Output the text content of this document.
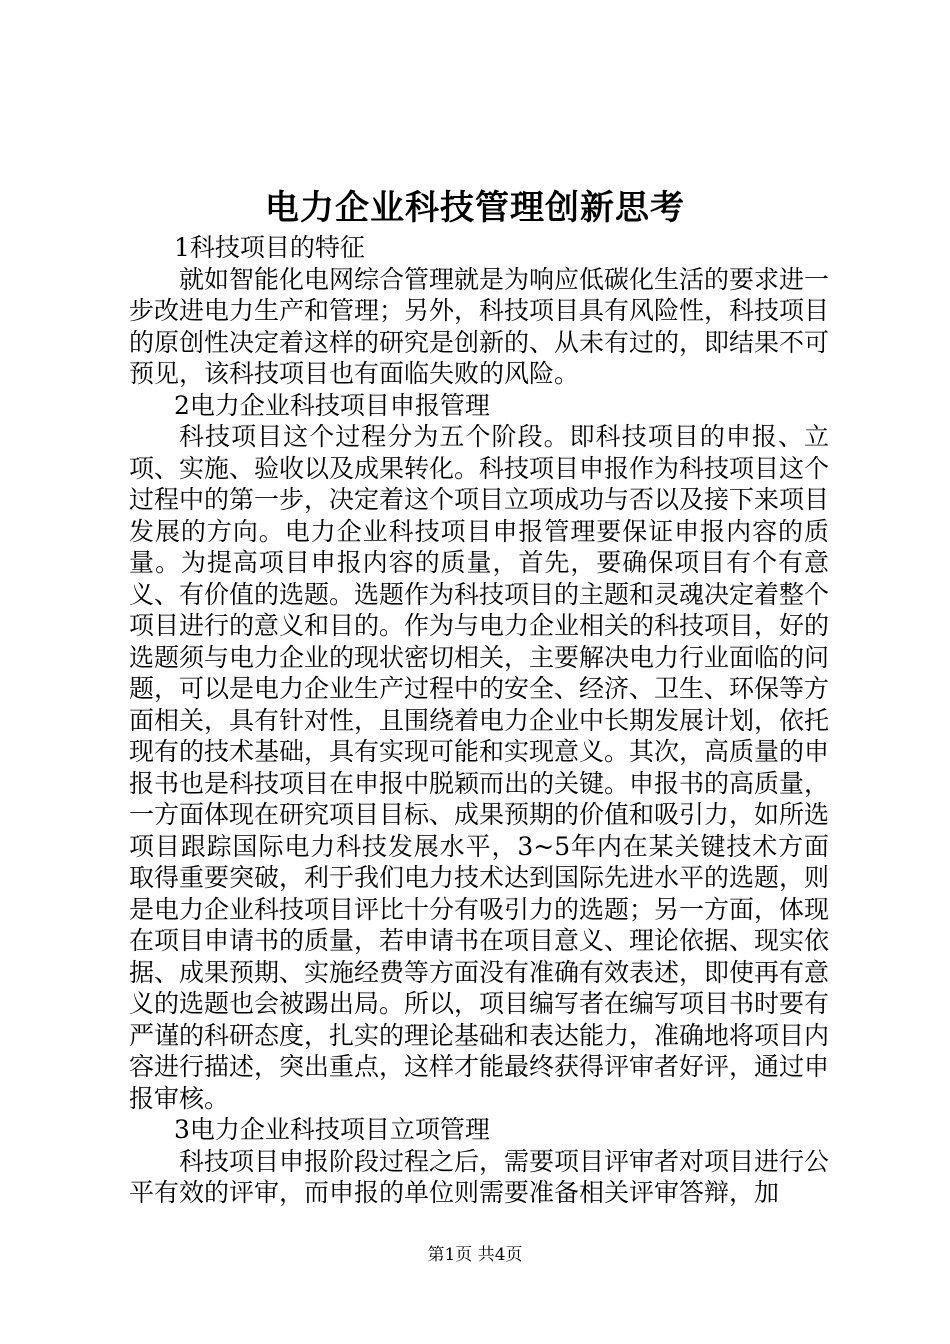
电力企业科技管理创新思考

1科技项目的特征

就如智能化电网综合管理就是为响应低碳化生活的要求进一步改进电力生产和管理；另外，科技项目具有风险性，科技项目的原创性决定着这样的研究是创新的、从未有过的，即结果不可预见，该科技项目也有面临失败的风险。

2电力企业科技项目申报管理

科技项目这个过程分为五个阶段。即科技项目的申报、立项、实施、验收以及成果转化。科技项目申报作为科技项目这个过程中的第一步，决定着这个项目立项成功与否以及接下来项目发展的方向。电力企业科技项目申报管理要保证申报内容的质量。为提高项目申报内容的质量，首先，要确保项目有个有意义、有价值的选题。选题作为科技项目的主题和灵魂决定着整个项目进行的意义和目的。作为与电力企业相关的科技项目，好的选题须与电力企业的现状密切相关，主要解决电力行业面临的问题，可以是电力企业生产过程中的安全、经济、卫生、环保等方面相关，具有针对性，且围绕着电力企业中长期发展计划，依托现有的技术基础，具有实现可能和实现意义。其次，高质量的申报书也是科技项目在申报中脱颖而出的关键。申报书的高质量，一方面体现在研究项目目标、成果预期的价值和吸引力，如所选项目跟踪国际电力科技发展水平，3~5年内在某关键技术方面取得重要突破，利于我们电力技术达到国际先进水平的选题，则是电力企业科技项目评比十分有吸引力的选题；另一方面，体现在项目申请书的质量，若申请书在项目意义、理论依据、现实依据、成果预期、实施经费等方面没有准确有效表述，即使再有意义的选题也会被踢出局。所以，项目编写者在编写项目书时要有严谨的科研态度，扎实的理论基础和表达能力，准确地将项目内容进行描述，突出重点，这样才能最终获得评审者好评，通过申报审核。

3电力企业科技项目立项管理

科技项目申报阶段过程之后，需要项目评审者对项目进行公平有效的评审，而申报的单位则需要准备相关评审答辩，加

第1页 共4页
